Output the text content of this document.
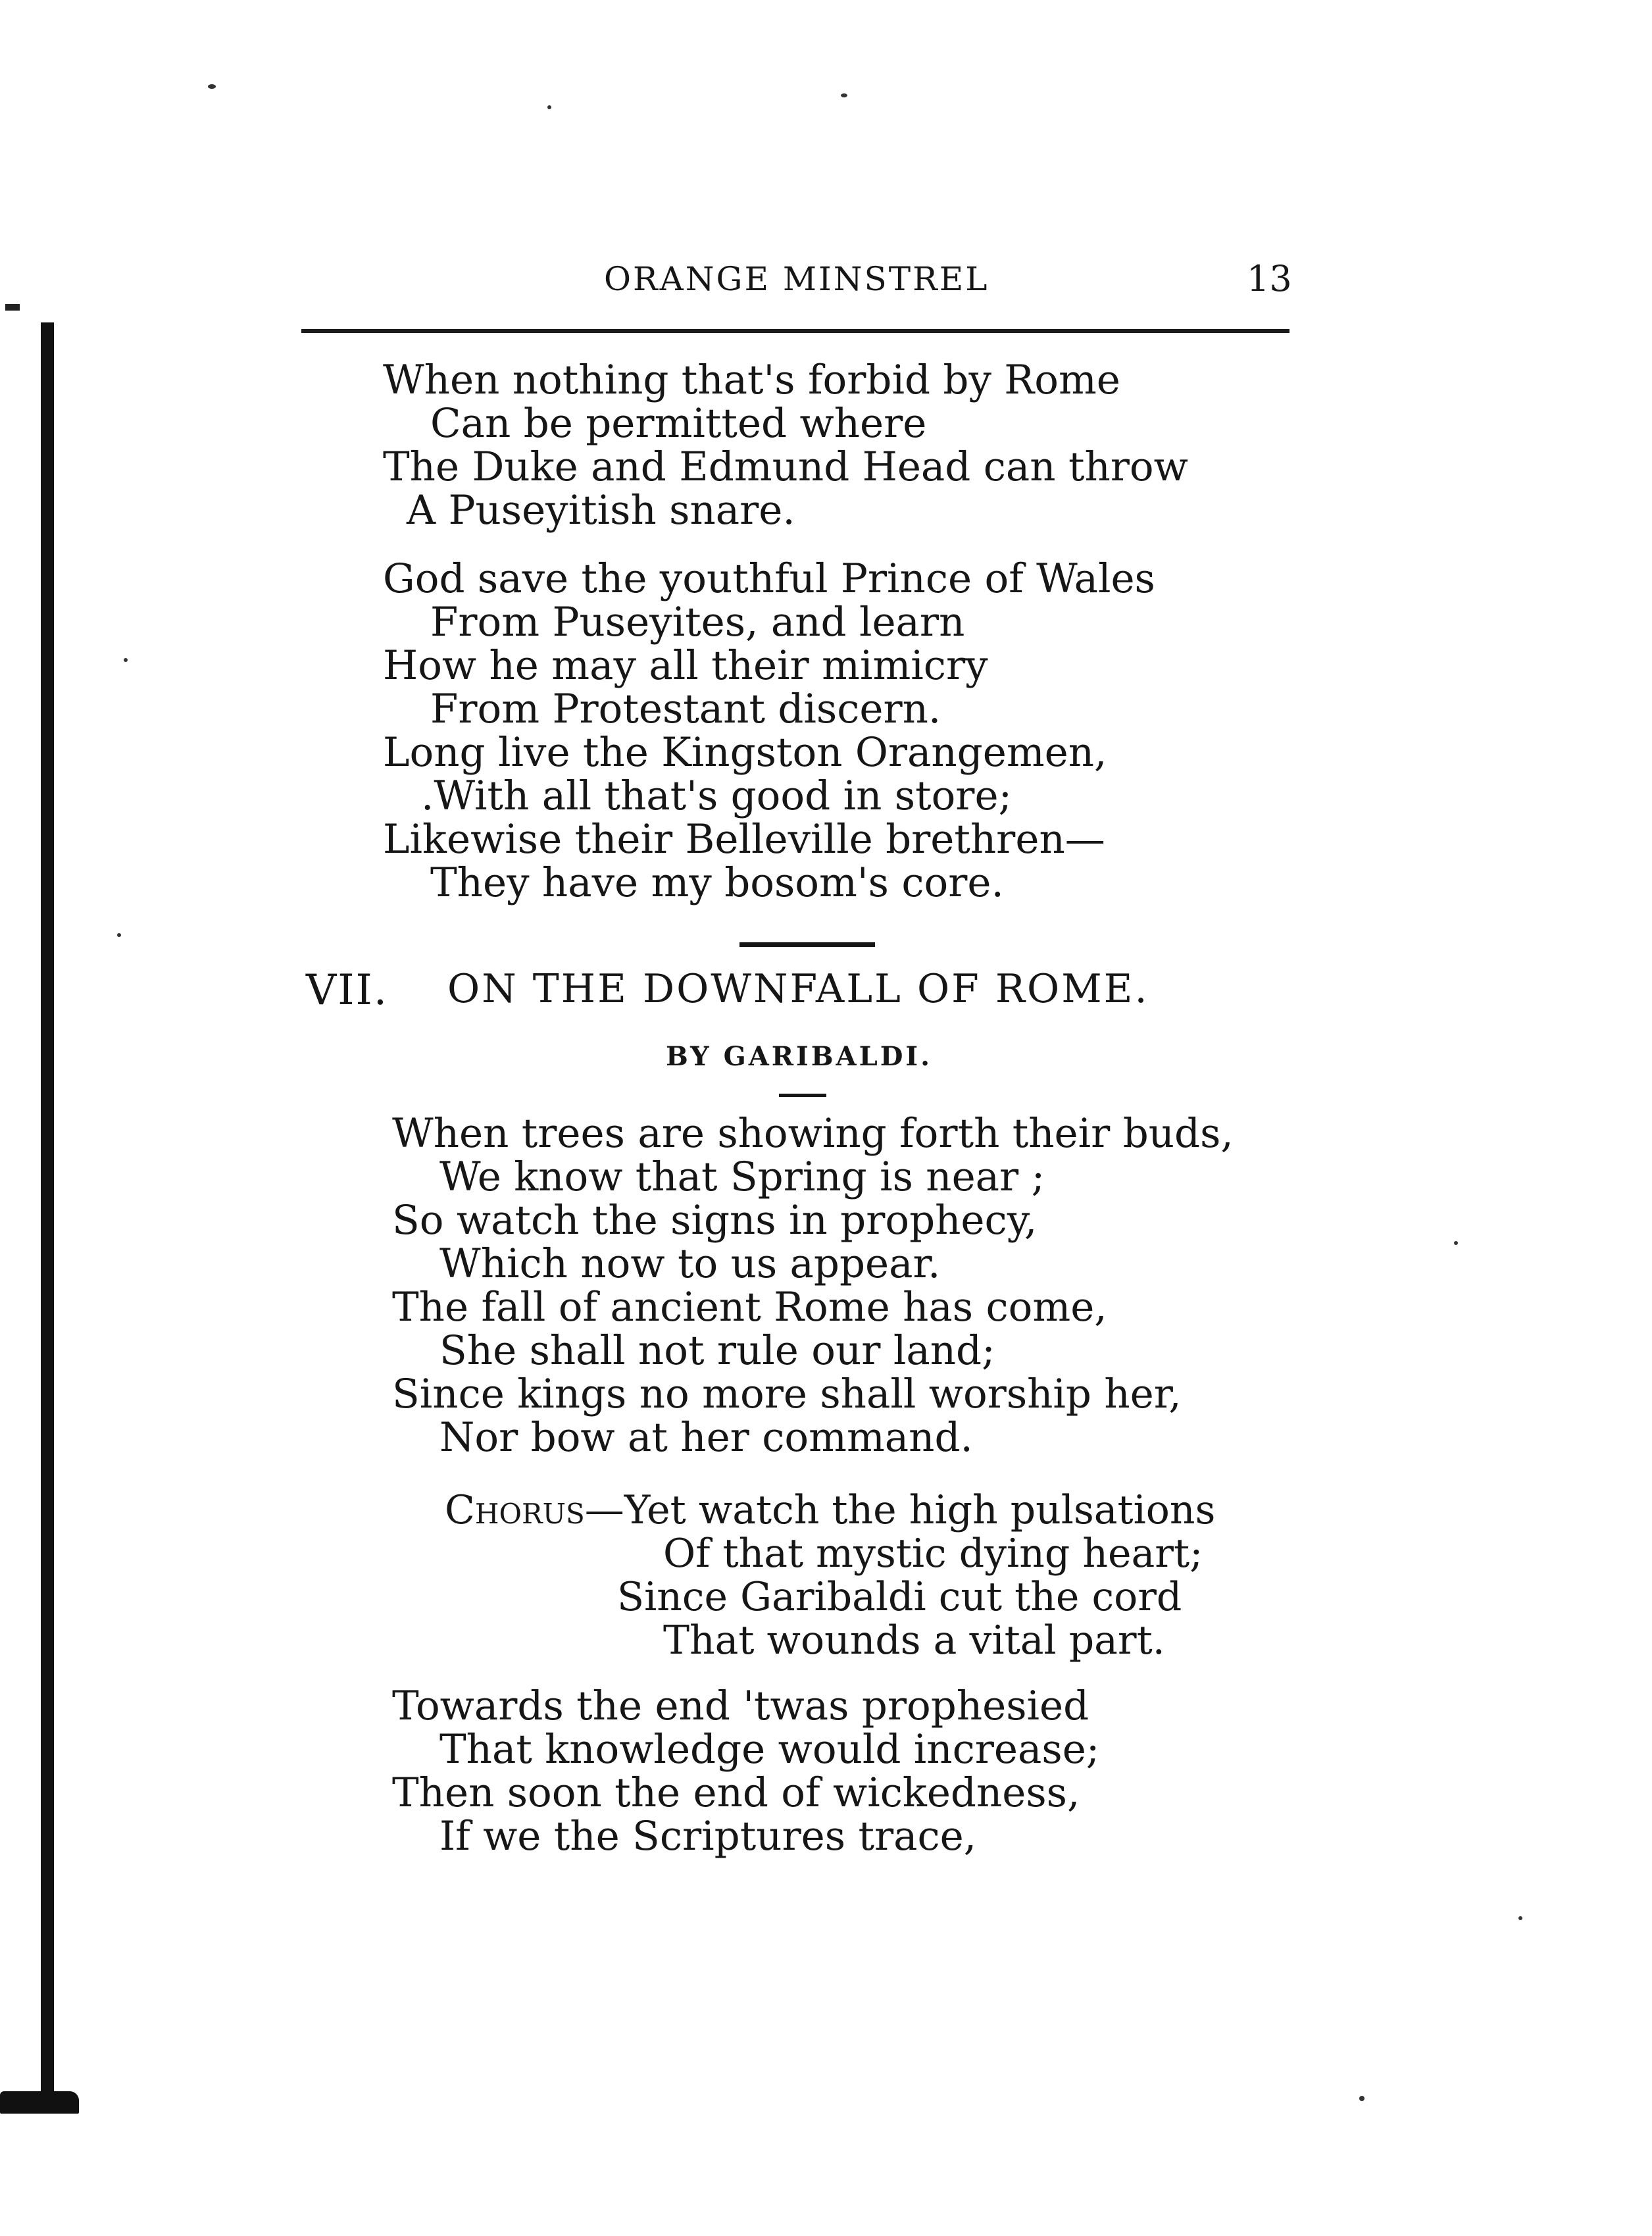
ORANGE MINSTREL	13

When nothing that's forbid by Rome
Can be permitted where
The Duke and Edmund Head can throw
A Puseyitish snare.

God save the youthful Prince of Wales
From Puseyites, and learn
How he may all their mimicry
From Protestant discern.
Long live the Kingston Orangemen,
.With all that's good in store;
Likewise their Belleville brethren—
They have my bosom's core.

VII. ON THE DOWNFALL OF ROME.
BY GARIBALDI.

When trees are showing forth their buds,
We know that Spring is near ;
So watch the signs in prophecy,
Which now to us appear.
The fall of ancient Rome has come,
She shall not rule our land;
Since kings no more shall worship her,
Nor bow at her command.

Chorus—Yet watch the high pulsations
Of that mystic dying heart;
Since Garibaldi cut the cord
That wounds a vital part.

Towards the end 'twas prophesied
That knowledge would increase;
Then soon the end of wickedness,
If we the Scriptures trace,
